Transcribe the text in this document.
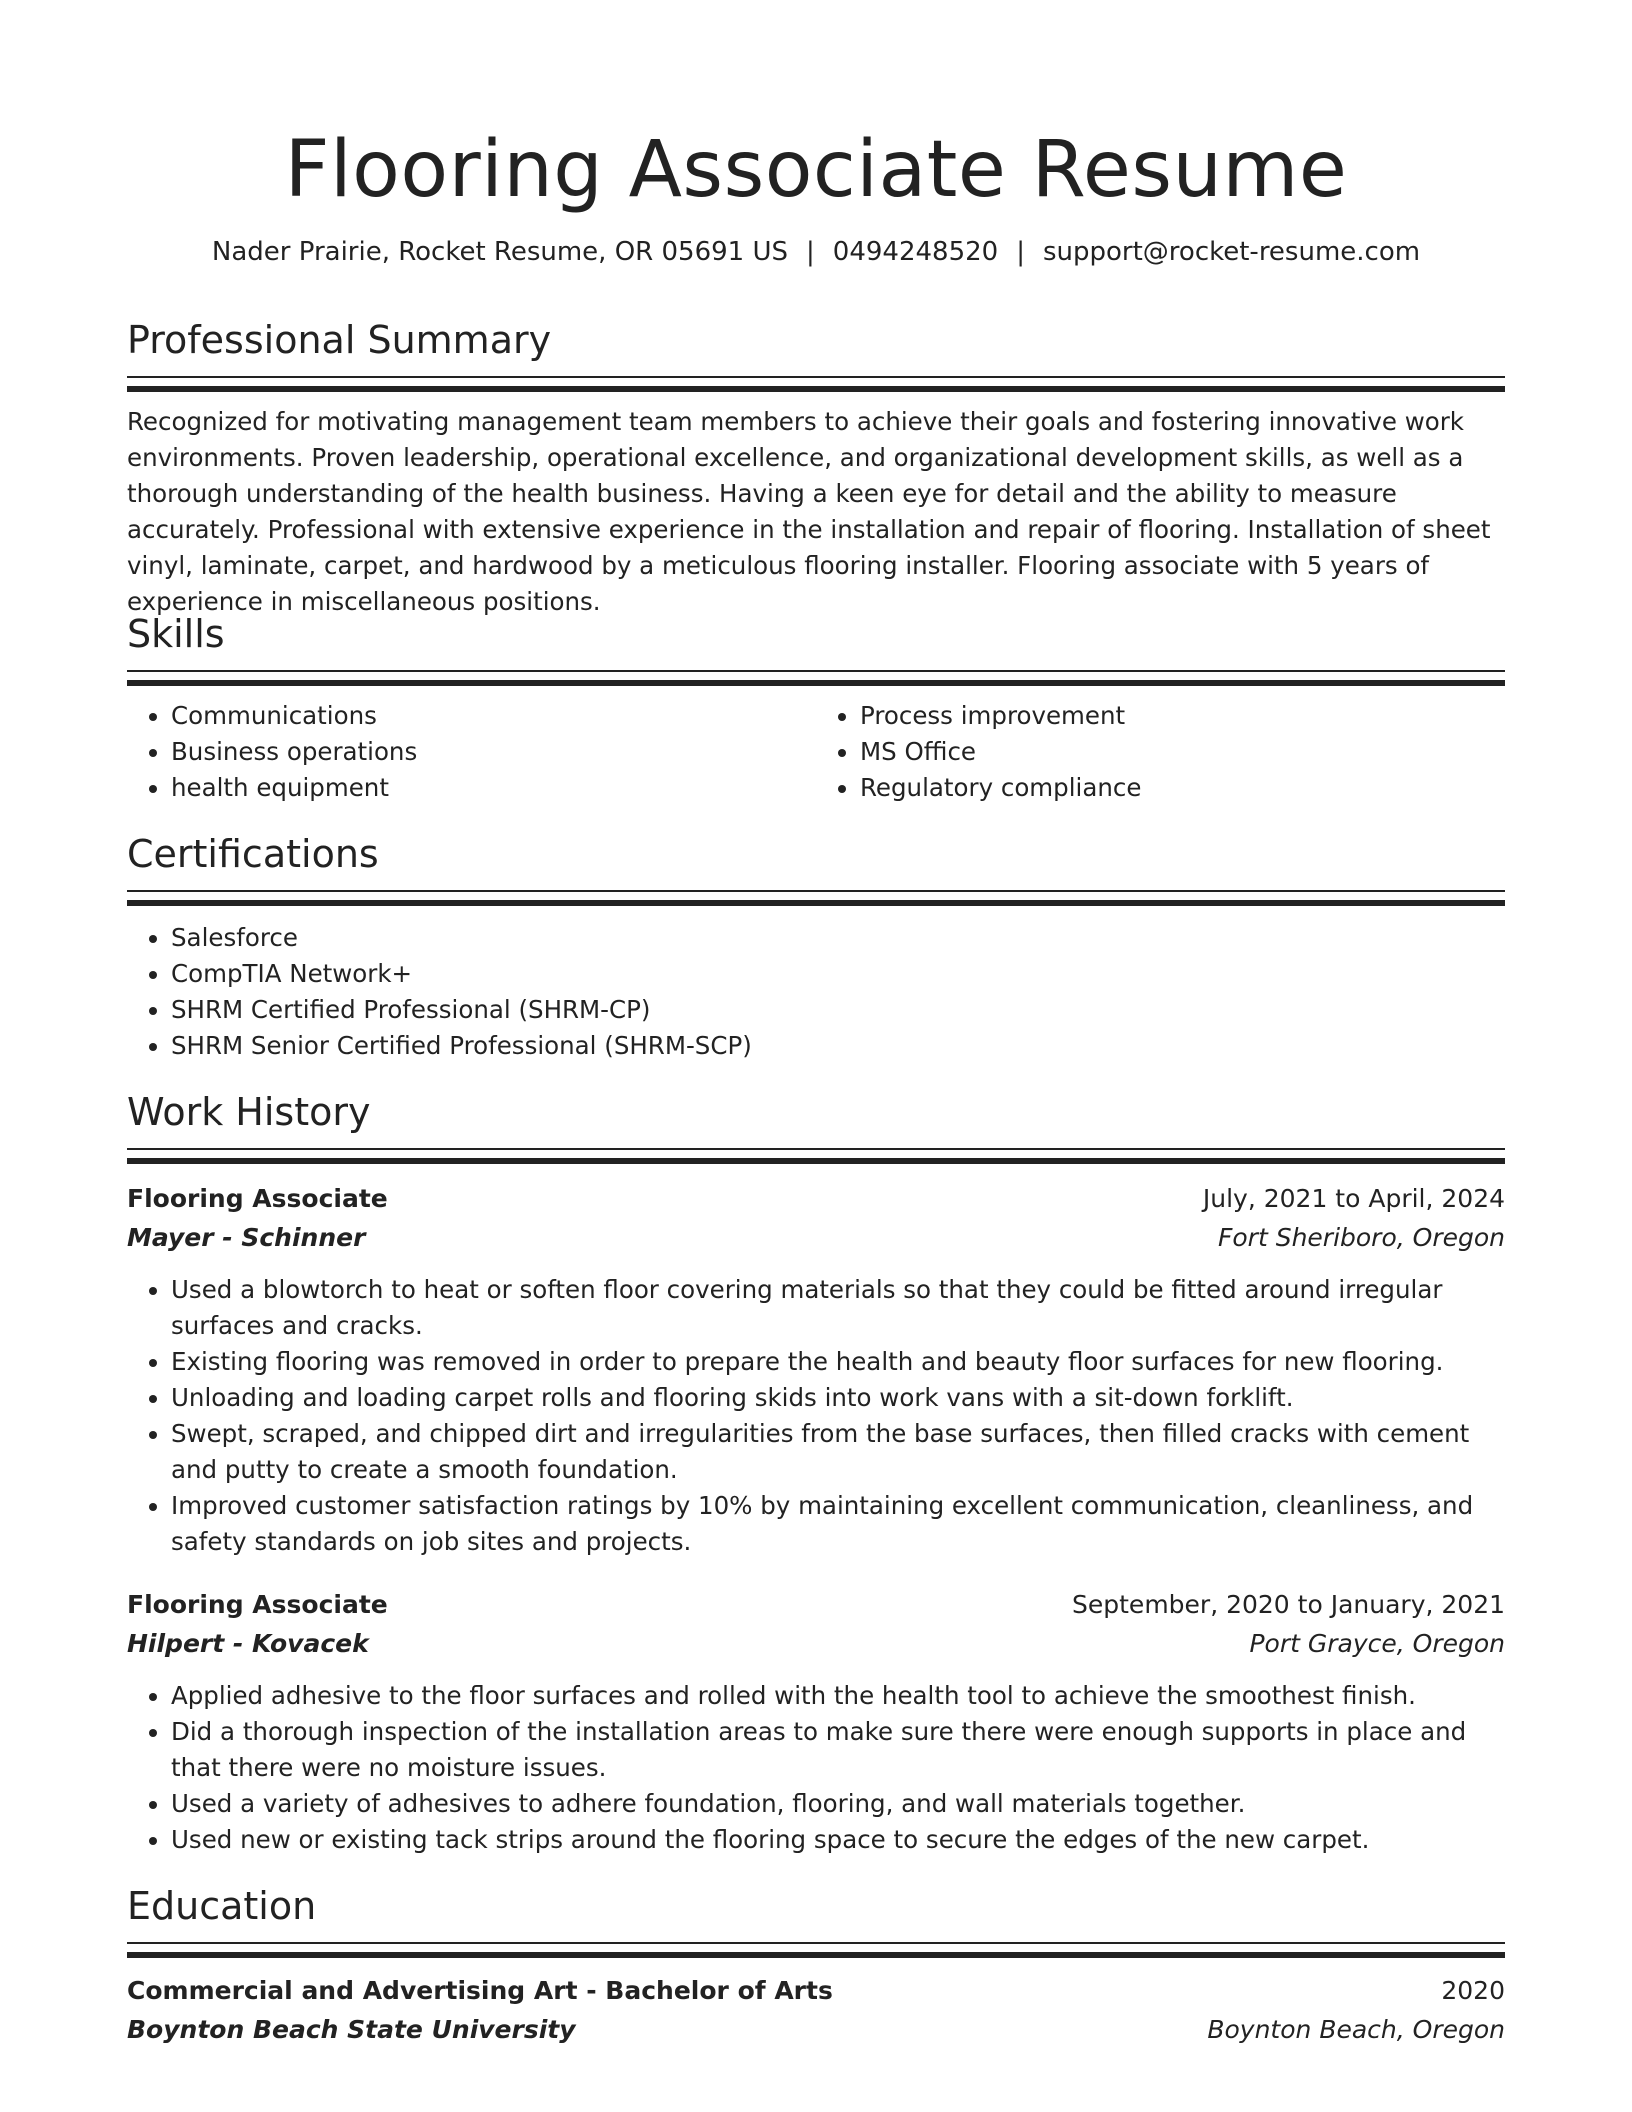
Flooring Associate Resume
Nader Prairie, Rocket Resume, OR 05691 US | 0494248520 | support@rocket-resume.com
Professional Summary

Recognized for motivating management team members to achieve their goals and fostering innovative work environments. Proven leadership, operational excellence, and organizational development skills, as well as a thorough understanding of the health business. Having a keen eye for detail and the ability to measure accurately. Professional with extensive experience in the installation and repair of flooring. Installation of sheet vinyl, laminate, carpet, and hardwood by a meticulous flooring installer. Flooring associate with 5 years of experience in miscellaneous positions.

Skills
• Communications
• Business operations
• health equipment
• Process improvement
• MS Office
• Regulatory compliance
Certifications
• Salesforce
• CompTIA Network+
• SHRM Certified Professional (SHRM-CP)
• SHRM Senior Certified Professional (SHRM-SCP)
Work History
Flooring Associate	July, 2021 to April, 2024
Mayer - Schinner	Fort Sheriboro, Oregon
• Used a blowtorch to heat or soften floor covering materials so that they could be fitted around irregular surfaces and cracks.
• Existing flooring was removed in order to prepare the health and beauty floor surfaces for new flooring.
• Unloading and loading carpet rolls and flooring skids into work vans with a sit-down forklift.
• Swept, scraped, and chipped dirt and irregularities from the base surfaces, then filled cracks with cement and putty to create a smooth foundation.
• Improved customer satisfaction ratings by 10% by maintaining excellent communication, cleanliness, and safety standards on job sites and projects.
Flooring Associate	September, 2020 to January, 2021
Hilpert - Kovacek	Port Grayce, Oregon
• Applied adhesive to the floor surfaces and rolled with the health tool to achieve the smoothest finish.
• Did a thorough inspection of the installation areas to make sure there were enough supports in place and that there were no moisture issues.
• Used a variety of adhesives to adhere foundation, flooring, and wall materials together.
• Used new or existing tack strips around the flooring space to secure the edges of the new carpet.
Education
Commercial and Advertising Art - Bachelor of Arts	2020
Boynton Beach State University	Boynton Beach, Oregon
